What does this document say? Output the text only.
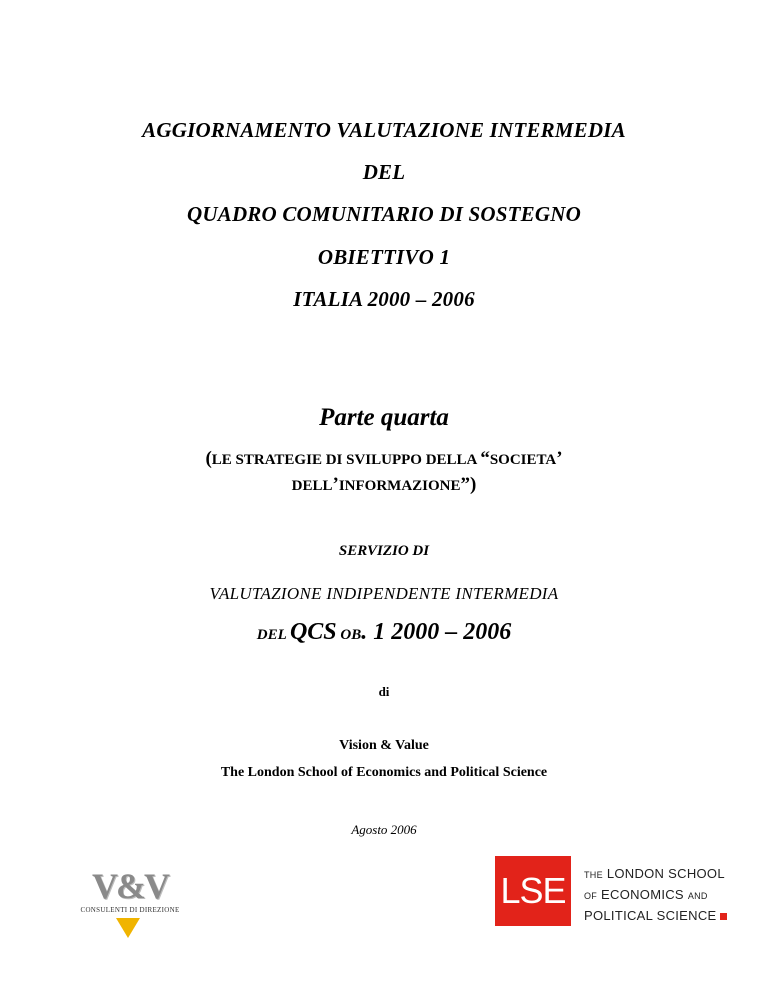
AGGIORNAMENTO VALUTAZIONE INTERMEDIA
DEL
QUADRO COMUNITARIO DI SOSTEGNO
OBIETTIVO 1
ITALIA 2000 – 2006
Parte quarta
(LE STRATEGIE DI SVILUPPO DELLA “SOCIETA’
DELL’INFORMAZIONE”)
SERVIZIO DI
VALUTAZIONE INDIPENDENTE INTERMEDIA
DEL QCS OB. 1 2000 – 2006
di
Vision & Value
The London School of Economics and Political Science
Agosto 2006
V&V
CONSULENTI DI DIREZIONE	LSE	THE LONDON SCHOOL
OF ECONOMICS AND
POLITICAL SCIENCE
